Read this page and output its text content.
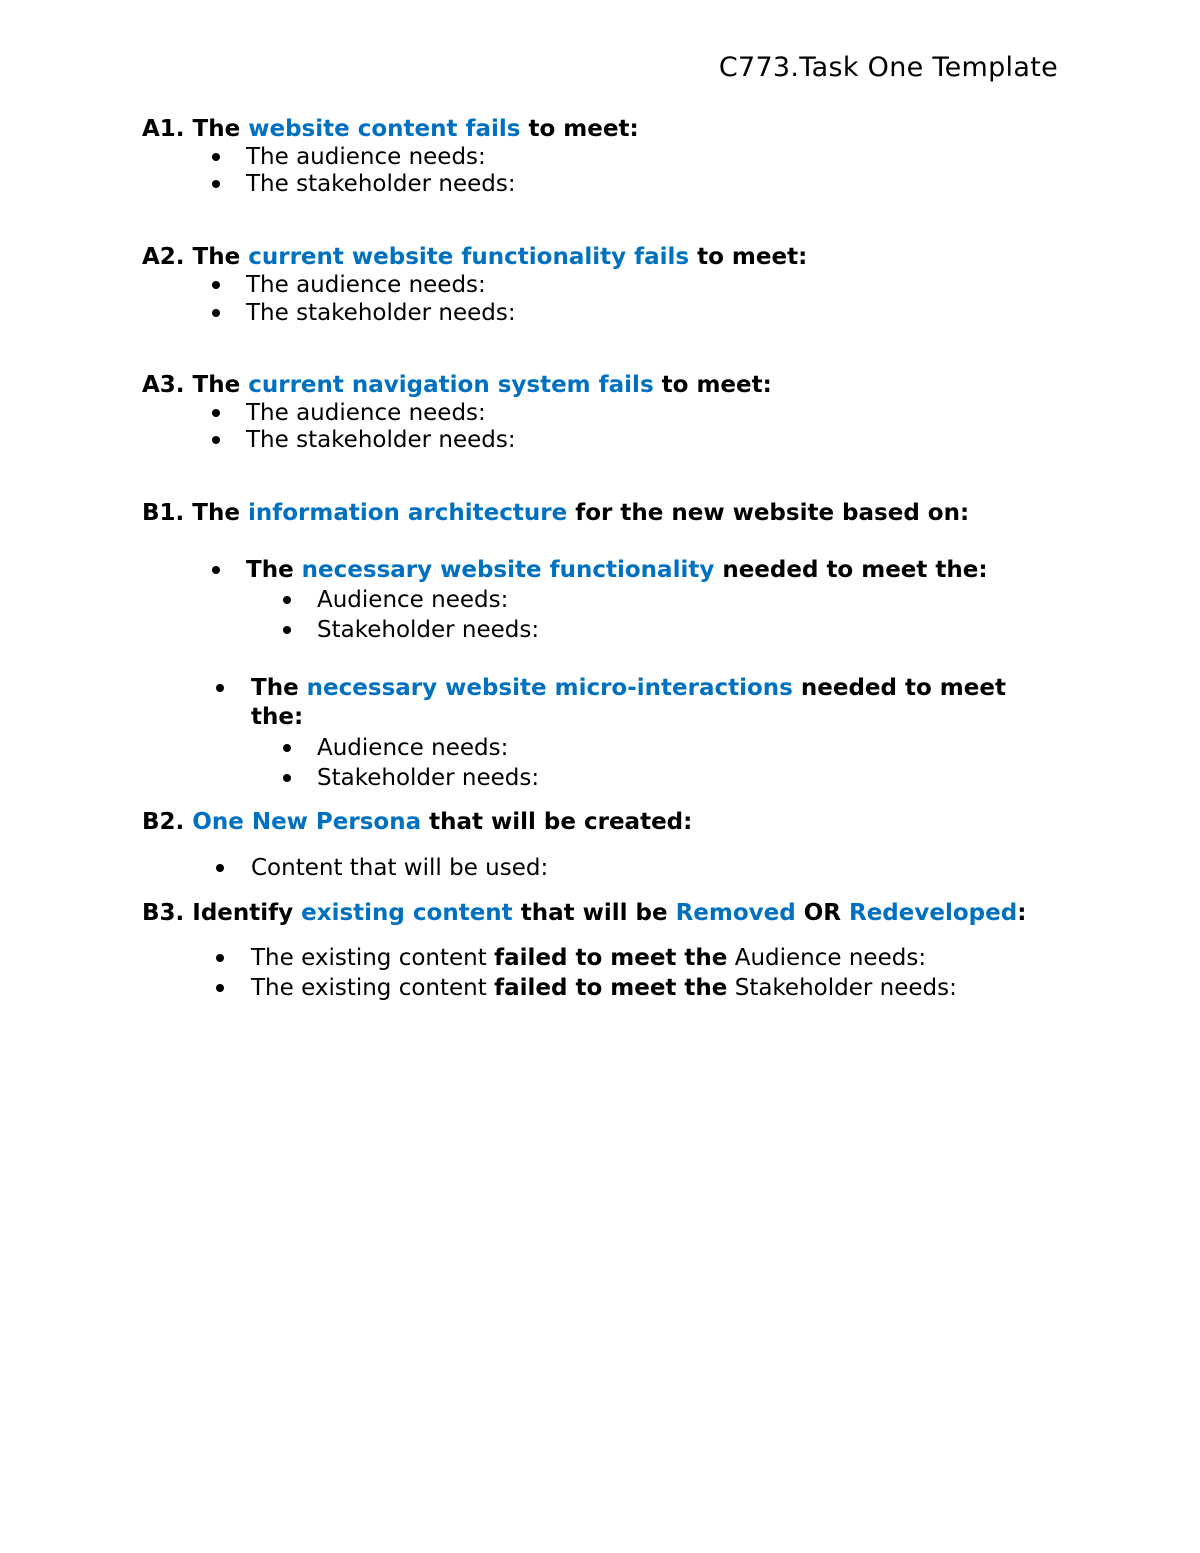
C773.Task One Template
A1. The website content fails to meet:
The audience needs:
The stakeholder needs:
A2. The current website functionality fails to meet:
The audience needs:
The stakeholder needs:
A3. The current navigation system fails to meet:
The audience needs:
The stakeholder needs:
B1. The information architecture for the new website based on:
The necessary website functionality needed to meet the:
Audience needs:
Stakeholder needs:
The necessary website micro-interactions needed to meet
the:
Audience needs:
Stakeholder needs:
B2. One New Persona that will be created:
Content that will be used:
B3. Identify existing content that will be Removed OR Redeveloped:
The existing content failed to meet the Audience needs:
The existing content failed to meet the Stakeholder needs:
